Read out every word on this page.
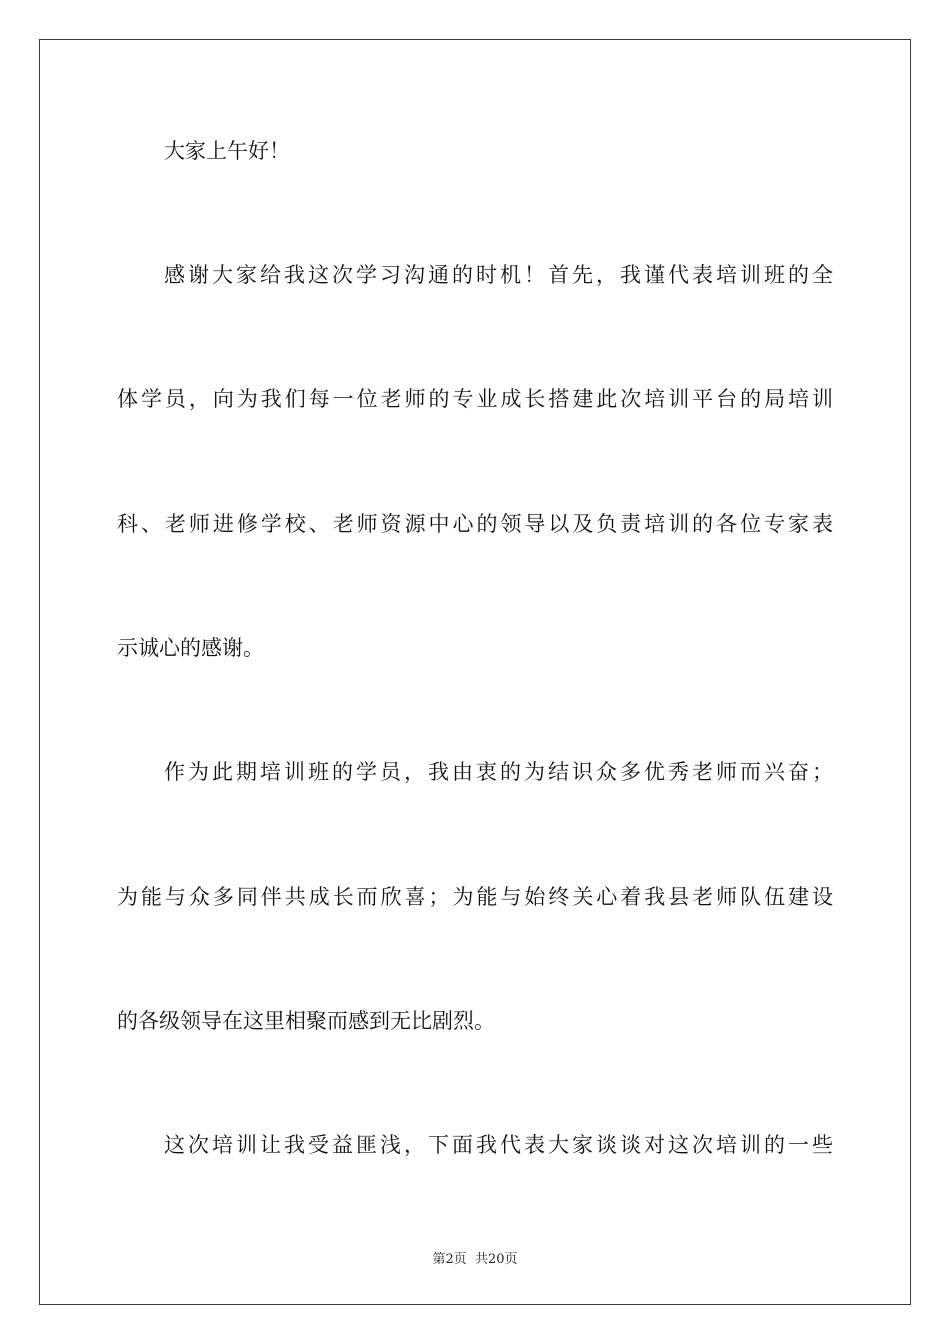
大家上午好！
感谢大家给我这次学习沟通的时机！首先，我谨代表培训班的全
体学员，向为我们每一位老师的专业成长搭建此次培训平台的局培训
科、老师进修学校、老师资源中心的领导以及负责培训的各位专家表
示诚心的感谢。
作为此期培训班的学员，我由衷的为结识众多优秀老师而兴奋；
为能与众多同伴共成长而欣喜；为能与始终关心着我县老师队伍建设
的各级领导在这里相聚而感到无比剧烈。
这次培训让我受益匪浅，下面我代表大家谈谈对这次培训的一些
第2页 共20页
